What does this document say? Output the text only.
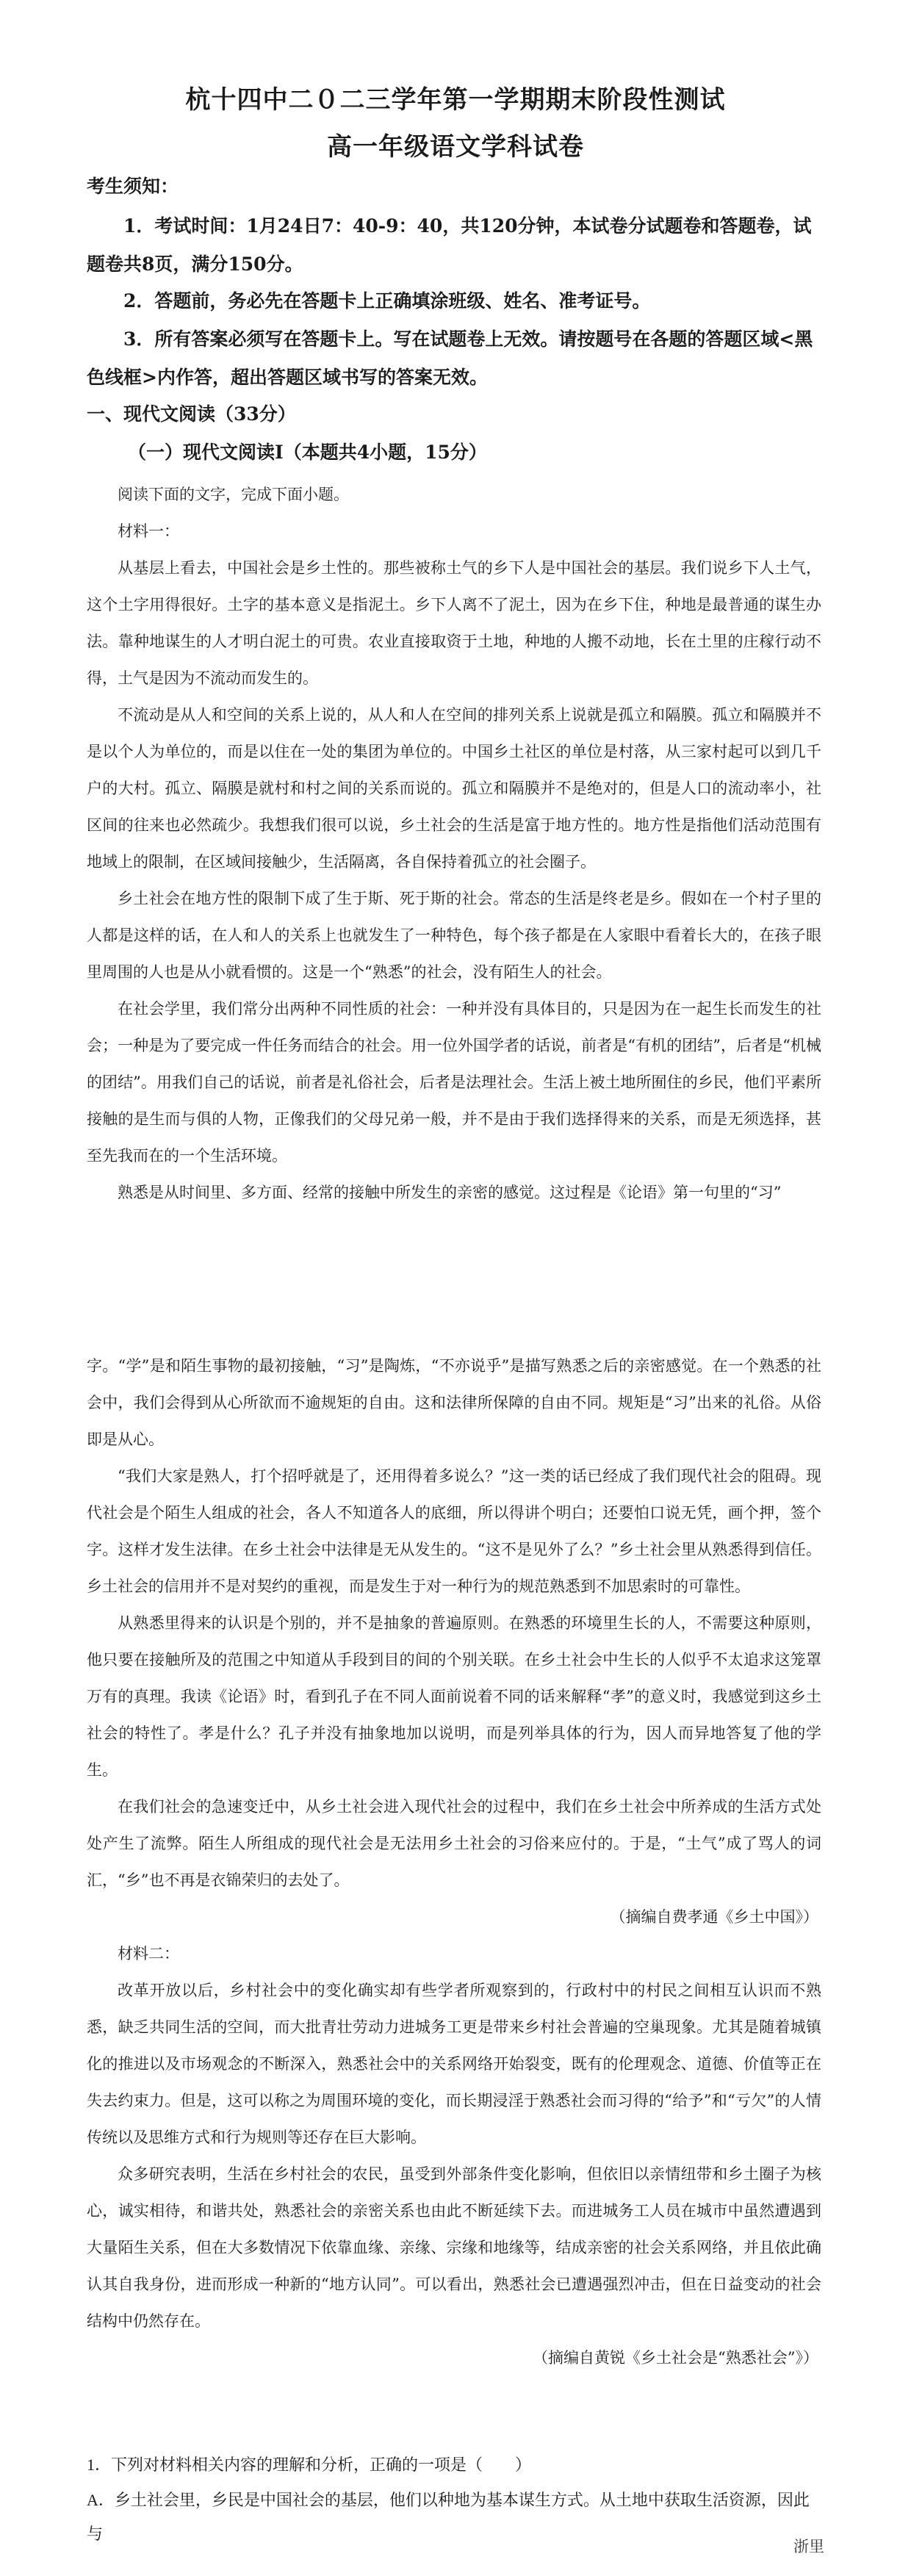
杭十四中二０二三学年第一学期期末阶段性测试
高一年级语文学科试卷
考生须知：
1．考试时间：1月24日7：40-9：40，共120分钟，本试卷分试题卷和答题卷，试题卷共8页，满分150分。
2．答题前，务必先在答题卡上正确填涂班级、姓名、准考证号。
3．所有答案必须写在答题卡上。写在试题卷上无效。请按题号在各题的答题区域<黑色线框>内作答，超出答题区域书写的答案无效。
一、现代文阅读（33分）
（一）现代文阅读Ⅰ（本题共4小题，15分）

阅读下面的文字，完成下面小题。

材料一：

从基层上看去，中国社会是乡土性的。那些被称土气的乡下人是中国社会的基层。我们说乡下人土气，这个土字用得很好。土字的基本意义是指泥土。乡下人离不了泥土，因为在乡下住，种地是最普通的谋生办法。靠种地谋生的人才明白泥土的可贵。农业直接取资于土地，种地的人搬不动地，长在土里的庄稼行动不得，土气是因为不流动而发生的。

不流动是从人和空间的关系上说的，从人和人在空间的排列关系上说就是孤立和隔膜。孤立和隔膜并不是以个人为单位的，而是以住在一处的集团为单位的。中国乡土社区的单位是村落，从三家村起可以到几千户的大村。孤立、隔膜是就村和村之间的关系而说的。孤立和隔膜并不是绝对的，但是人口的流动率小，社区间的往来也必然疏少。我想我们很可以说，乡土社会的生活是富于地方性的。地方性是指他们活动范围有地域上的限制，在区域间接触少，生活隔离，各自保持着孤立的社会圈子。

乡土社会在地方性的限制下成了生于斯、死于斯的社会。常态的生活是终老是乡。假如在一个村子里的人都是这样的话，在人和人的关系上也就发生了一种特色，每个孩子都是在人家眼中看着长大的，在孩子眼里周围的人也是从小就看惯的。这是一个“熟悉”的社会，没有陌生人的社会。

在社会学里，我们常分出两种不同性质的社会：一种并没有具体目的，只是因为在一起生长而发生的社会；一种是为了要完成一件任务而结合的社会。用一位外国学者的话说，前者是“有机的团结”，后者是“机械的团结”。用我们自己的话说，前者是礼俗社会，后者是法理社会。生活上被土地所囿住的乡民，他们平素所接触的是生而与俱的人物，正像我们的父母兄弟一般，并不是由于我们选择得来的关系，而是无须选择，甚至先我而在的一个生活环境。

熟悉是从时间里、多方面、经常的接触中所发生的亲密的感觉。这过程是《论语》第一句里的“习”

字。“学”是和陌生事物的最初接触，“习”是陶炼，“不亦说乎”是描写熟悉之后的亲密感觉。在一个熟悉的社会中，我们会得到从心所欲而不逾规矩的自由。这和法律所保障的自由不同。规矩是“习”出来的礼俗。从俗即是从心。

“我们大家是熟人，打个招呼就是了，还用得着多说么？”这一类的话已经成了我们现代社会的阻碍。现代社会是个陌生人组成的社会，各人不知道各人的底细，所以得讲个明白；还要怕口说无凭，画个押，签个字。这样才发生法律。在乡土社会中法律是无从发生的。“这不是见外了么？”乡土社会里从熟悉得到信任。乡土社会的信用并不是对契约的重视，而是发生于对一种行为的规范熟悉到不加思索时的可靠性。

从熟悉里得来的认识是个别的，并不是抽象的普遍原则。在熟悉的环境里生长的人，不需要这种原则，他只要在接触所及的范围之中知道从手段到目的间的个别关联。在乡土社会中生长的人似乎不太追求这笼罩万有的真理。我读《论语》时，看到孔子在不同人面前说着不同的话来解释“孝”的意义时，我感觉到这乡土社会的特性了。孝是什么？孔子并没有抽象地加以说明，而是列举具体的行为，因人而异地答复了他的学生。

在我们社会的急速变迁中，从乡土社会进入现代社会的过程中，我们在乡土社会中所养成的生活方式处处产生了流弊。陌生人所组成的现代社会是无法用乡土社会的习俗来应付的。于是，“土气”成了骂人的词汇，“乡”也不再是衣锦荣归的去处了。

（摘编自费孝通《乡土中国》）

材料二：

改革开放以后，乡村社会中的变化确实却有些学者所观察到的，行政村中的村民之间相互认识而不熟悉，缺乏共同生活的空间，而大批青壮劳动力进城务工更是带来乡村社会普遍的空巢现象。尤其是随着城镇化的推进以及市场观念的不断深入，熟悉社会中的关系网络开始裂变，既有的伦理观念、道德、价值等正在失去约束力。但是，这可以称之为周围环境的变化，而长期浸淫于熟悉社会而习得的“给予”和“亏欠”的人情传统以及思维方式和行为规则等还存在巨大影响。

众多研究表明，生活在乡村社会的农民，虽受到外部条件变化影响，但依旧以亲情纽带和乡土圈子为核心，诚实相待，和谐共处，熟悉社会的亲密关系也由此不断延续下去。而进城务工人员在城市中虽然遭遇到大量陌生关系，但在大多数情况下依靠血缘、亲缘、宗缘和地缘等，结成亲密的社会关系网络，并且依此确认其自我身份，进而形成一种新的“地方认同”。可以看出，熟悉社会已遭遇强烈冲击，但在日益变动的社会结构中仍然存在。

（摘编自黄锐《乡土社会是“熟悉社会”》）
1．下列对材料相关内容的理解和分析，正确的一项是（　　）
A．乡土社会里，乡民是中国社会的基层，他们以种地为基本谋生方式。从土地中获取生活资源，因此与
浙里
